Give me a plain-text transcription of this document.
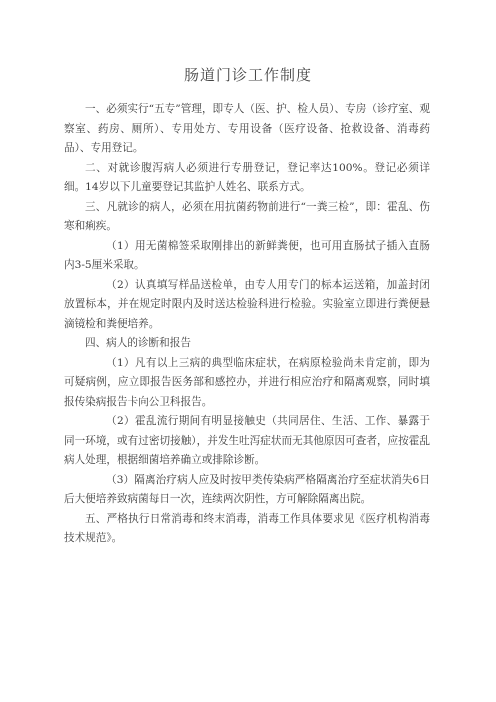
肠道门诊工作制度

一、必须实行“五专”管理，即专人（医、护、检人员）、专房（诊疗室、观察室、药房、厕所）、专用处方、专用设备（医疗设备、抢救设备、消毒药品）、专用登记。

二、对就诊腹泻病人必须进行专册登记，登记率达100%。登记必须详细。14岁以下儿童要登记其监护人姓名、联系方式。

三、凡就诊的病人，必须在用抗菌药物前进行“一粪三检”，即：霍乱、伤寒和痢疾。

（1）用无菌棉签采取刚排出的新鲜粪便，也可用直肠拭子插入直肠内3-5厘米采取。

（2）认真填写样品送检单，由专人用专门的标本运送箱，加盖封闭放置标本，并在规定时限内及时送达检验科进行检验。实验室立即进行粪便悬滴镜检和粪便培养。

四、病人的诊断和报告

（1）凡有以上三病的典型临床症状，在病原检验尚未肯定前，即为可疑病例，应立即报告医务部和感控办，并进行相应治疗和隔离观察，同时填报传染病报告卡向公卫科报告。

（2）霍乱流行期间有明显接触史（共同居住、生活、工作、暴露于同一环境，或有过密切接触），并发生吐泻症状而无其他原因可查者，应按霍乱病人处理，根据细菌培养确立或排除诊断。

（3）隔离治疗病人应及时按甲类传染病严格隔离治疗至症状消失6日后大便培养致病菌每日一次，连续两次阴性，方可解除隔离出院。

五、严格执行日常消毒和终末消毒，消毒工作具体要求见《医疗机构消毒技术规范》。
